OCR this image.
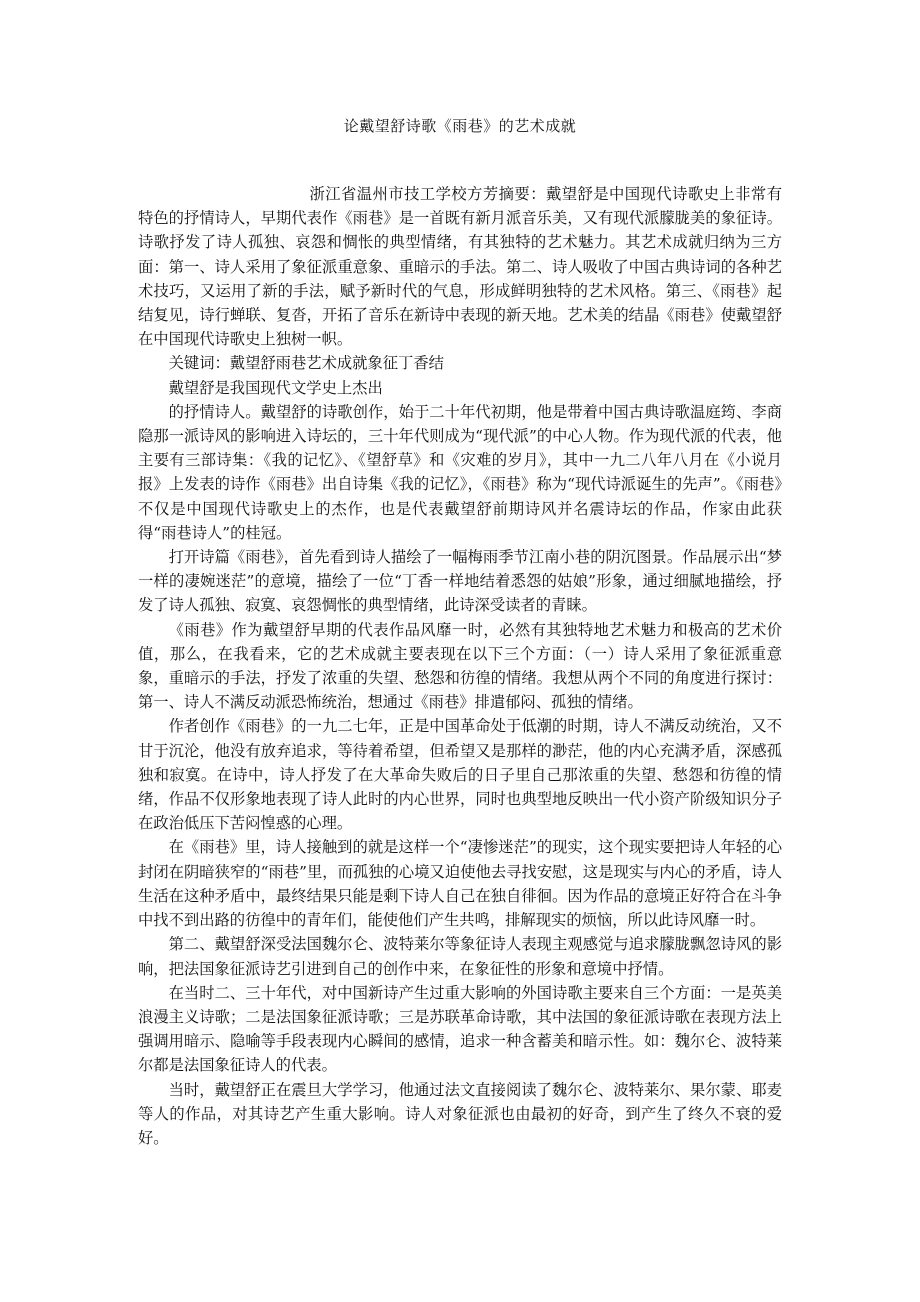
论戴望舒诗歌《雨巷》的艺术成就

浙江省温州市技工学校方芳摘要：戴望舒是中国现代诗歌史上非常有特色的抒情诗人，早期代表作《雨巷》是一首既有新月派音乐美，又有现代派朦胧美的象征诗。诗歌抒发了诗人孤独、哀怨和惆怅的典型情绪，有其独特的艺术魅力。其艺术成就归纳为三方面：第一、诗人采用了象征派重意象、重暗示的手法。第二、诗人吸收了中国古典诗词的各种艺术技巧，又运用了新的手法，赋予新时代的气息，形成鲜明独特的艺术风格。第三、《雨巷》起结复见，诗行蝉联、复沓，开拓了音乐在新诗中表现的新天地。艺术美的结晶《雨巷》使戴望舒在中国现代诗歌史上独树一帜。

关键词：戴望舒雨巷艺术成就象征丁香结

戴望舒是我国现代文学史上杰出

的抒情诗人。戴望舒的诗歌创作，始于二十年代初期，他是带着中国古典诗歌温庭筠、李商隐那一派诗风的影响进入诗坛的，三十年代则成为“现代派”的中心人物。作为现代派的代表，他主要有三部诗集：《我的记忆》、《望舒草》和《灾难的岁月》，其中一九二八年八月在《小说月报》上发表的诗作《雨巷》出自诗集《我的记忆》，《雨巷》称为“现代诗派诞生的先声”。《雨巷》不仅是中国现代诗歌史上的杰作，也是代表戴望舒前期诗风并名震诗坛的作品，作家由此获得“雨巷诗人”的桂冠。

打开诗篇《雨巷》，首先看到诗人描绘了一幅梅雨季节江南小巷的阴沉图景。作品展示出“梦一样的凄婉迷茫”的意境，描绘了一位“丁香一样地结着悉怨的姑娘”形象，通过细腻地描绘，抒发了诗人孤独、寂寞、哀怨惆怅的典型情绪，此诗深受读者的青睐。

《雨巷》作为戴望舒早期的代表作品风靡一时，必然有其独特地艺术魅力和极高的艺术价值，那么，在我看来，它的艺术成就主要表现在以下三个方面：（一）诗人采用了象征派重意象，重暗示的手法，抒发了浓重的失望、愁怨和彷徨的情绪。我想从两个不同的角度进行探讨：第一、诗人不满反动派恐怖统治，想通过《雨巷》排遣郁闷、孤独的情绪。

作者创作《雨巷》的一九二七年，正是中国革命处于低潮的时期，诗人不满反动统治，又不甘于沉沦，他没有放弃追求，等待着希望，但希望又是那样的渺茫，他的内心充满矛盾，深感孤独和寂寞。在诗中，诗人抒发了在大革命失败后的日子里自己那浓重的失望、愁怨和彷徨的情绪，作品不仅形象地表现了诗人此时的内心世界，同时也典型地反映出一代小资产阶级知识分子在政治低压下苦闷惶惑的心理。

在《雨巷》里，诗人接触到的就是这样一个“凄惨迷茫”的现实，这个现实要把诗人年轻的心封闭在阴暗狭窄的“雨巷”里，而孤独的心境又迫使他去寻找安慰，这是现实与内心的矛盾，诗人生活在这种矛盾中，最终结果只能是剩下诗人自己在独自徘徊。因为作品的意境正好符合在斗争中找不到出路的彷徨中的青年们，能使他们产生共鸣，排解现实的烦恼，所以此诗风靡一时。

第二、戴望舒深受法国魏尔仑、波特莱尔等象征诗人表现主观感觉与追求朦胧飘忽诗风的影响，把法国象征派诗艺引进到自己的创作中来，在象征性的形象和意境中抒情。

在当时二、三十年代，对中国新诗产生过重大影响的外国诗歌主要来自三个方面：一是英美浪漫主义诗歌；二是法国象征派诗歌；三是苏联革命诗歌，其中法国的象征派诗歌在表现方法上强调用暗示、隐喻等手段表现内心瞬间的感情，追求一种含蓄美和暗示性。如：魏尔仑、波特莱尔都是法国象征诗人的代表。

当时，戴望舒正在震旦大学学习，他通过法文直接阅读了魏尔仑、波特莱尔、果尔蒙、耶麦等人的作品，对其诗艺产生重大影响。诗人对象征派也由最初的好奇，到产生了终久不衰的爱好。
